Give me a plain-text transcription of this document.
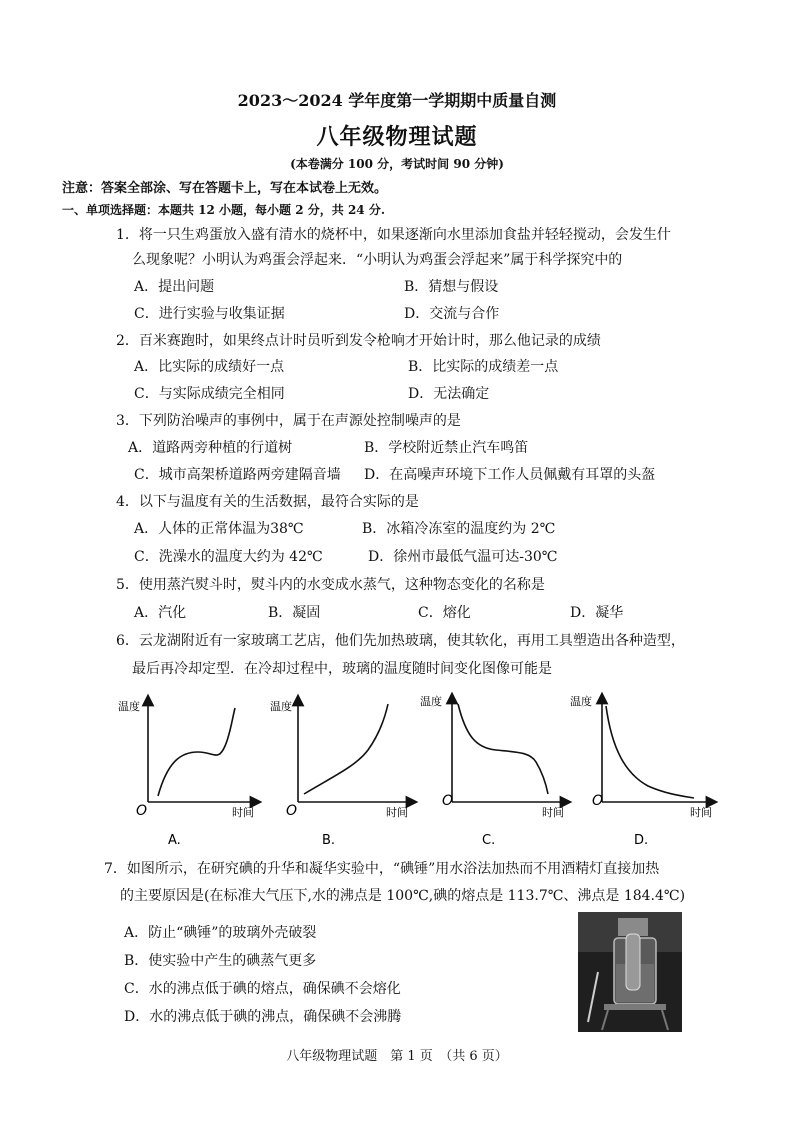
2023～2024 学年度第一学期期中质量自测
八年级物理试题
(本卷满分 100 分，考试时间 90 分钟)
注意：答案全部涂、写在答题卡上，写在本试卷上无效。
一、单项选择题：本题共 12 小题，每小题 2 分，共 24 分.
1．将一只生鸡蛋放入盛有清水的烧杯中，如果逐渐向水里添加食盐并轻轻搅动，会发生什
么现象呢？小明认为鸡蛋会浮起来．“小明认为鸡蛋会浮起来”属于科学探究中的
A．提出问题	B．猜想与假设
C．进行实验与收集证据	D．交流与合作
2．百米赛跑时，如果终点计时员听到发令枪响才开始计时，那么他记录的成绩
A．比实际的成绩好一点	B．比实际的成绩差一点
C．与实际成绩完全相同	D．无法确定
3．下列防治噪声的事例中，属于在声源处控制噪声的是
A．道路两旁种植的行道树	B．学校附近禁止汽车鸣笛
C．城市高架桥道路两旁建隔音墙 D．在高噪声环境下工作人员佩戴有耳罩的头盔
4．以下与温度有关的生活数据，最符合实际的是
A．人体的正常体温为38℃	B．冰箱冷冻室的温度约为 2℃
C．洗澡水的温度大约为 42℃	D．徐州市最低气温可达-30℃
5．使用蒸汽熨斗时，熨斗内的水变成水蒸气，这种物态变化的名称是
A．汽化	B．凝固	C．熔化	D．凝华
6．云龙湖附近有一家玻璃工艺店，他们先加热玻璃，使其软化，再用工具塑造出各种造型，
最后再冷却定型．在冷却过程中，玻璃的温度随时间变化图像可能是
温度
时间
O
A.
温度
时间
O
B.
温度
时间
O
C.
温度
时间
O
D.
7．如图所示，在研究碘的升华和凝华实验中，“碘锤”用水浴法加热而不用酒精灯直接加热
的主要原因是(在标准大气压下,水的沸点是 100℃,碘的熔点是 113.7℃、沸点是 184.4℃)
A．防止“碘锤”的玻璃外壳破裂
B．使实验中产生的碘蒸气更多
C．水的沸点低于碘的熔点，确保碘不会熔化
D．水的沸点低于碘的沸点，确保碘不会沸腾
八年级物理试题　第 1 页　（共 6 页）
